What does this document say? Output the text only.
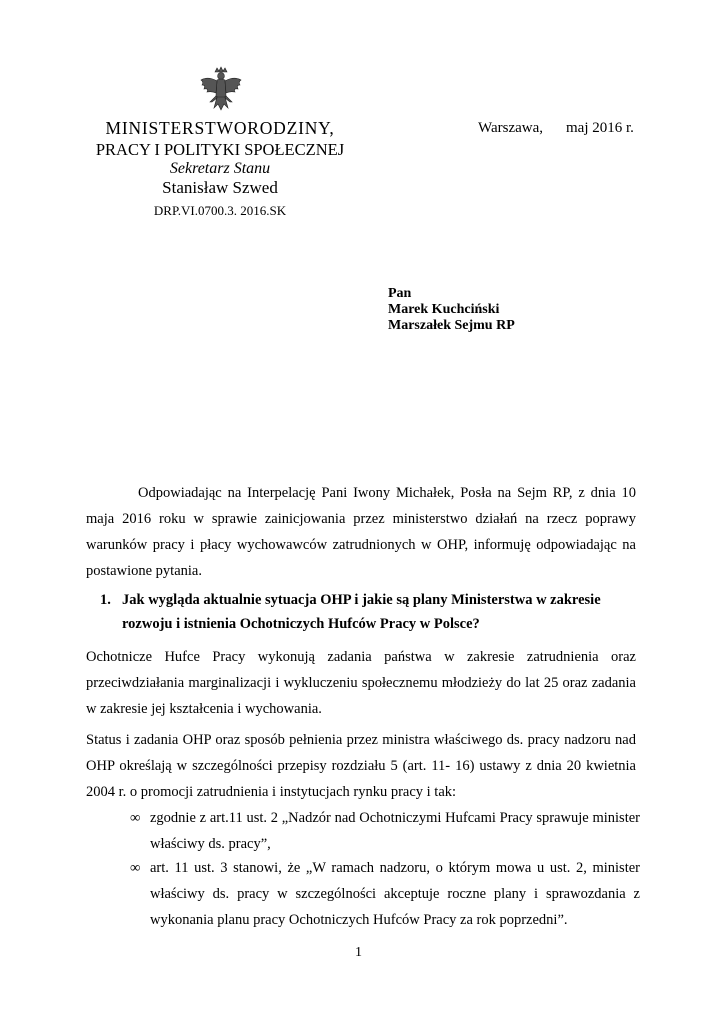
MINISTERSTWORODZINY,
PRACY I POLITYKI SPOŁECZNEJ
Sekretarz Stanu
Stanisław Szwed
DRP.VI.0700.3. 2016.SK
Warszawa, maj 2016 r.
Pan
Marek Kuchciński
Marszałek Sejmu RP

Odpowiadając na Interpelację Pani Iwony Michałek, Posła na Sejm RP, z dnia 10 maja 2016 roku w sprawie zainicjowania przez ministerstwo działań na rzecz poprawy warunków pracy i płacy wychowawców zatrudnionych w OHP, informuję odpowiadając na postawione pytania.

1. Jak wygląda aktualnie sytuacja OHP i jakie są plany Ministerstwa w zakresie rozwoju i istnienia Ochotniczych Hufców Pracy w Polsce?

Ochotnicze Hufce Pracy wykonują zadania państwa w zakresie zatrudnienia oraz przeciwdziałania marginalizacji i wykluczeniu społecznemu młodzieży do lat 25 oraz zadania w zakresie jej kształcenia i wychowania.

Status i zadania OHP oraz sposób pełnienia przez ministra właściwego ds. pracy nadzoru nad OHP określają w szczególności przepisy rozdziału 5 (art. 11- 16) ustawy z dnia 20 kwietnia 2004 r. o promocji zatrudnienia i instytucjach rynku pracy i tak:

∞ zgodnie z art.11 ust. 2 „Nadzór nad Ochotniczymi Hufcami Pracy sprawuje minister właściwy ds. pracy”,
∞ art. 11 ust. 3 stanowi, że „W ramach nadzoru, o którym mowa u ust. 2, minister właściwy ds. pracy w szczególności akceptuje roczne plany i sprawozdania z wykonania planu pracy Ochotniczych Hufców Pracy za rok poprzedni”.
1
